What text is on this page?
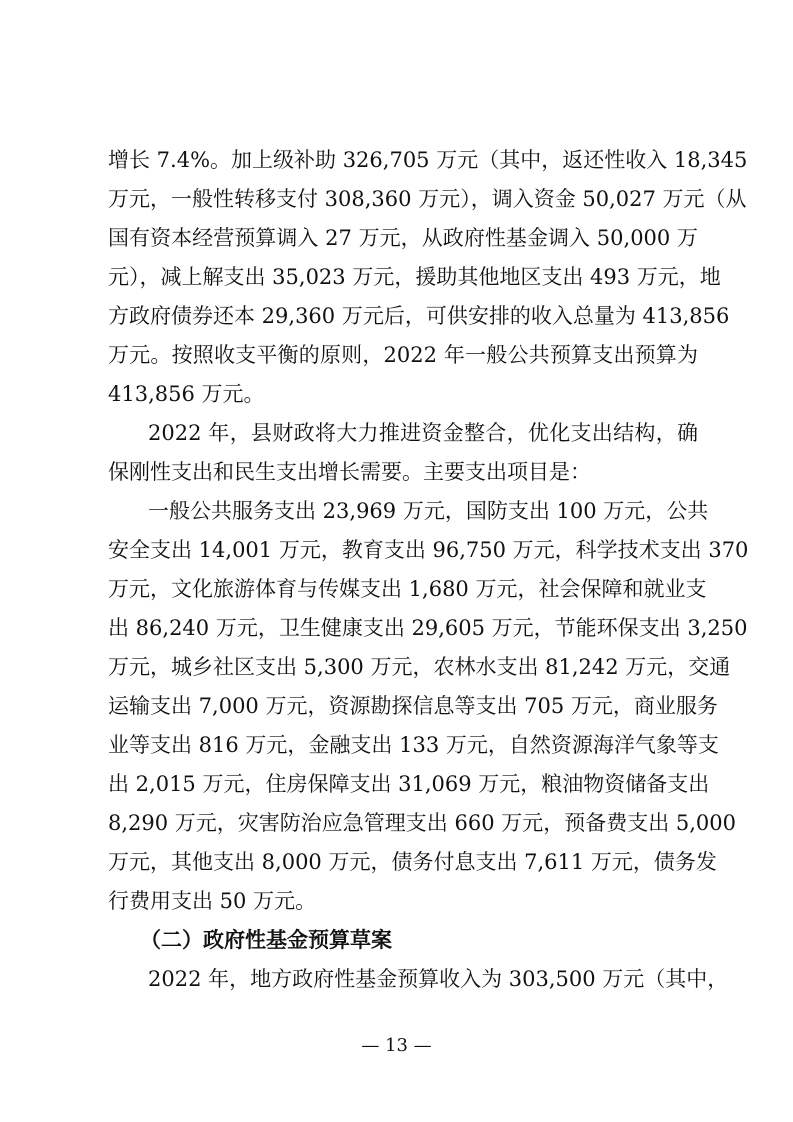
增长 7.4%。加上级补助 326,705 万元（其中，返还性收入 18,345
万元，一般性转移支付 308,360 万元），调入资金 50,027 万元（从
国有资本经营预算调入 27 万元，从政府性基金调入 50,000 万
元），减上解支出 35,023 万元，援助其他地区支出 493 万元，地
方政府债券还本 29,360 万元后，可供安排的收入总量为 413,856
万元。按照收支平衡的原则，2022 年一般公共预算支出预算为
413,856 万元。
2022 年，县财政将大力推进资金整合，优化支出结构，确
保刚性支出和民生支出增长需要。主要支出项目是：
一般公共服务支出 23,969 万元，国防支出 100 万元，公共
安全支出 14,001 万元，教育支出 96,750 万元，科学技术支出 370
万元，文化旅游体育与传媒支出 1,680 万元，社会保障和就业支
出 86,240 万元，卫生健康支出 29,605 万元，节能环保支出 3,250
万元，城乡社区支出 5,300 万元，农林水支出 81,242 万元，交通
运输支出 7,000 万元，资源勘探信息等支出 705 万元，商业服务
业等支出 816 万元，金融支出 133 万元，自然资源海洋气象等支
出 2,015 万元，住房保障支出 31,069 万元，粮油物资储备支出
8,290 万元，灾害防治应急管理支出 660 万元，预备费支出 5,000
万元，其他支出 8,000 万元，债务付息支出 7,611 万元，债务发
行费用支出 50 万元。
（二）政府性基金预算草案
2022 年，地方政府性基金预算收入为 303,500 万元（其中，
— 13 —
